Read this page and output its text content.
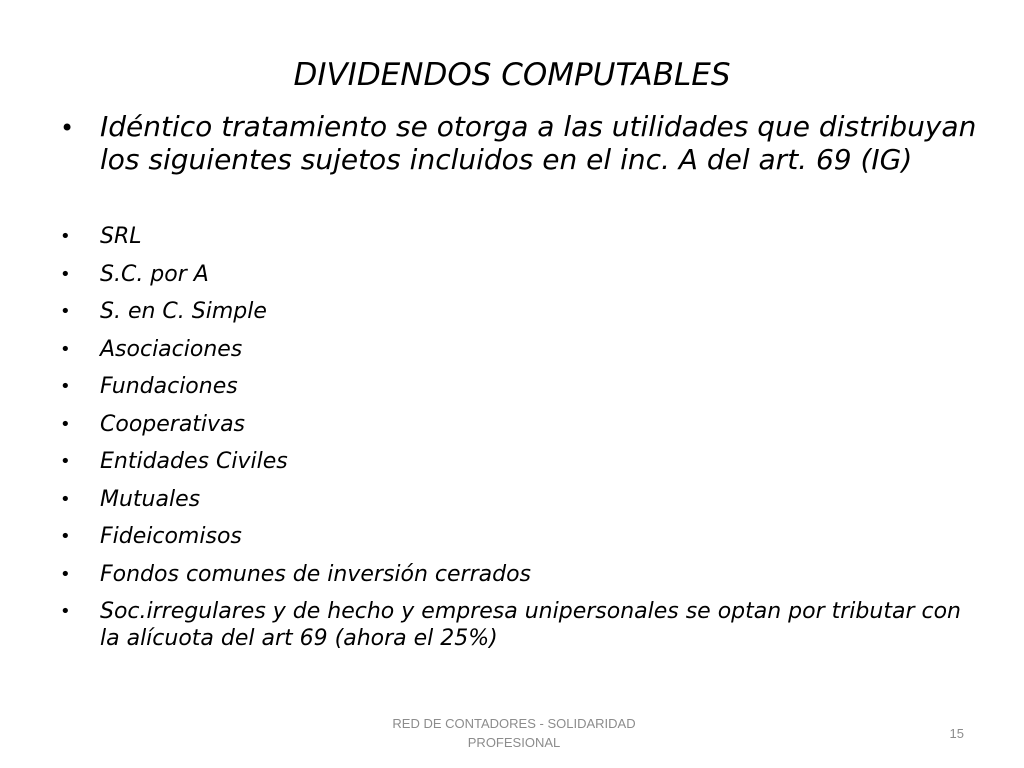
DIVIDENDOS COMPUTABLES
• Idéntico tratamiento se otorga a las utilidades que distribuyan los siguientes sujetos incluidos en el inc. A del art. 69 (IG)
• SRL
• S.C. por A
• S. en C. Simple
• Asociaciones
• Fundaciones
• Cooperativas
• Entidades Civiles
• Mutuales
• Fideicomisos
• Fondos comunes de inversión cerrados
• Soc.irregulares y de hecho y empresa unipersonales se optan por tributar con la alícuota del art 69 (ahora el 25%)
RED DE CONTADORES - SOLIDARIDAD PROFESIONAL
15
